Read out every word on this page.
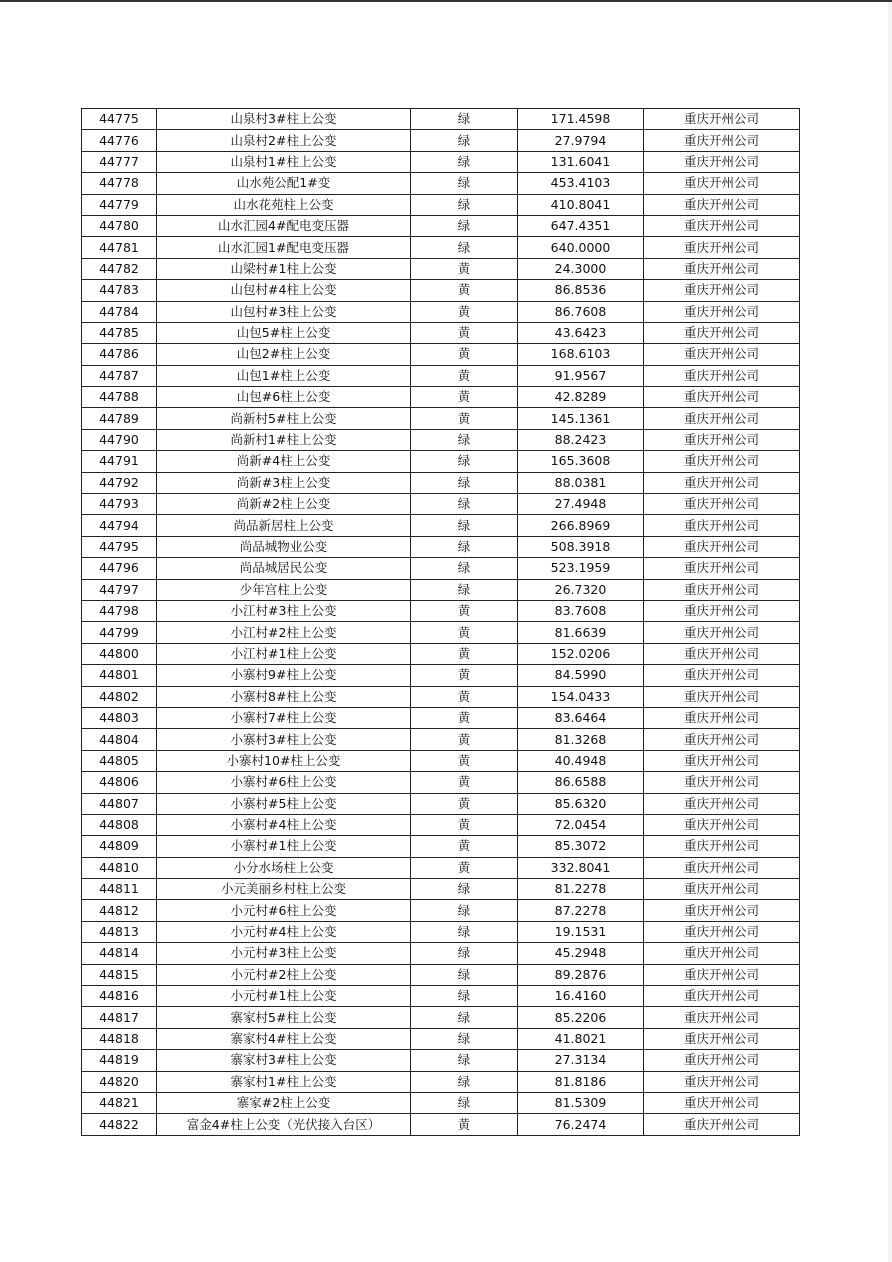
44775	山泉村3#柱上公变	绿	171.4598	重庆开州公司
44776	山泉村2#柱上公变	绿	27.9794	重庆开州公司
44777	山泉村1#柱上公变	绿	131.6041	重庆开州公司
44778	山水苑公配1#变	绿	453.4103	重庆开州公司
44779	山水花苑柱上公变	绿	410.8041	重庆开州公司
44780	山水汇园4#配电变压器	绿	647.4351	重庆开州公司
44781	山水汇园1#配电变压器	绿	640.0000	重庆开州公司
44782	山梁村#1柱上公变	黄	24.3000	重庆开州公司
44783	山包村#4柱上公变	黄	86.8536	重庆开州公司
44784	山包村#3柱上公变	黄	86.7608	重庆开州公司
44785	山包5#柱上公变	黄	43.6423	重庆开州公司
44786	山包2#柱上公变	黄	168.6103	重庆开州公司
44787	山包1#柱上公变	黄	91.9567	重庆开州公司
44788	山包#6柱上公变	黄	42.8289	重庆开州公司
44789	尚新村5#柱上公变	黄	145.1361	重庆开州公司
44790	尚新村1#柱上公变	绿	88.2423	重庆开州公司
44791	尚新#4柱上公变	绿	165.3608	重庆开州公司
44792	尚新#3柱上公变	绿	88.0381	重庆开州公司
44793	尚新#2柱上公变	绿	27.4948	重庆开州公司
44794	尚品新居柱上公变	绿	266.8969	重庆开州公司
44795	尚品城物业公变	绿	508.3918	重庆开州公司
44796	尚品城居民公变	绿	523.1959	重庆开州公司
44797	少年宫柱上公变	绿	26.7320	重庆开州公司
44798	小江村#3柱上公变	黄	83.7608	重庆开州公司
44799	小江村#2柱上公变	黄	81.6639	重庆开州公司
44800	小江村#1柱上公变	黄	152.0206	重庆开州公司
44801	小寨村9#柱上公变	黄	84.5990	重庆开州公司
44802	小寨村8#柱上公变	黄	154.0433	重庆开州公司
44803	小寨村7#柱上公变	黄	83.6464	重庆开州公司
44804	小寨村3#柱上公变	黄	81.3268	重庆开州公司
44805	小寨村10#柱上公变	黄	40.4948	重庆开州公司
44806	小寨村#6柱上公变	黄	86.6588	重庆开州公司
44807	小寨村#5柱上公变	黄	85.6320	重庆开州公司
44808	小寨村#4柱上公变	黄	72.0454	重庆开州公司
44809	小寨村#1柱上公变	黄	85.3072	重庆开州公司
44810	小分水场柱上公变	黄	332.8041	重庆开州公司
44811	小元美丽乡村柱上公变	绿	81.2278	重庆开州公司
44812	小元村#6柱上公变	绿	87.2278	重庆开州公司
44813	小元村#4柱上公变	绿	19.1531	重庆开州公司
44814	小元村#3柱上公变	绿	45.2948	重庆开州公司
44815	小元村#2柱上公变	绿	89.2876	重庆开州公司
44816	小元村#1柱上公变	绿	16.4160	重庆开州公司
44817	寨家村5#柱上公变	绿	85.2206	重庆开州公司
44818	寨家村4#柱上公变	绿	41.8021	重庆开州公司
44819	寨家村3#柱上公变	绿	27.3134	重庆开州公司
44820	寨家村1#柱上公变	绿	81.8186	重庆开州公司
44821	寨家#2柱上公变	绿	81.5309	重庆开州公司
44822	富金4#柱上公变（光伏接入台区）	黄	76.2474	重庆开州公司
